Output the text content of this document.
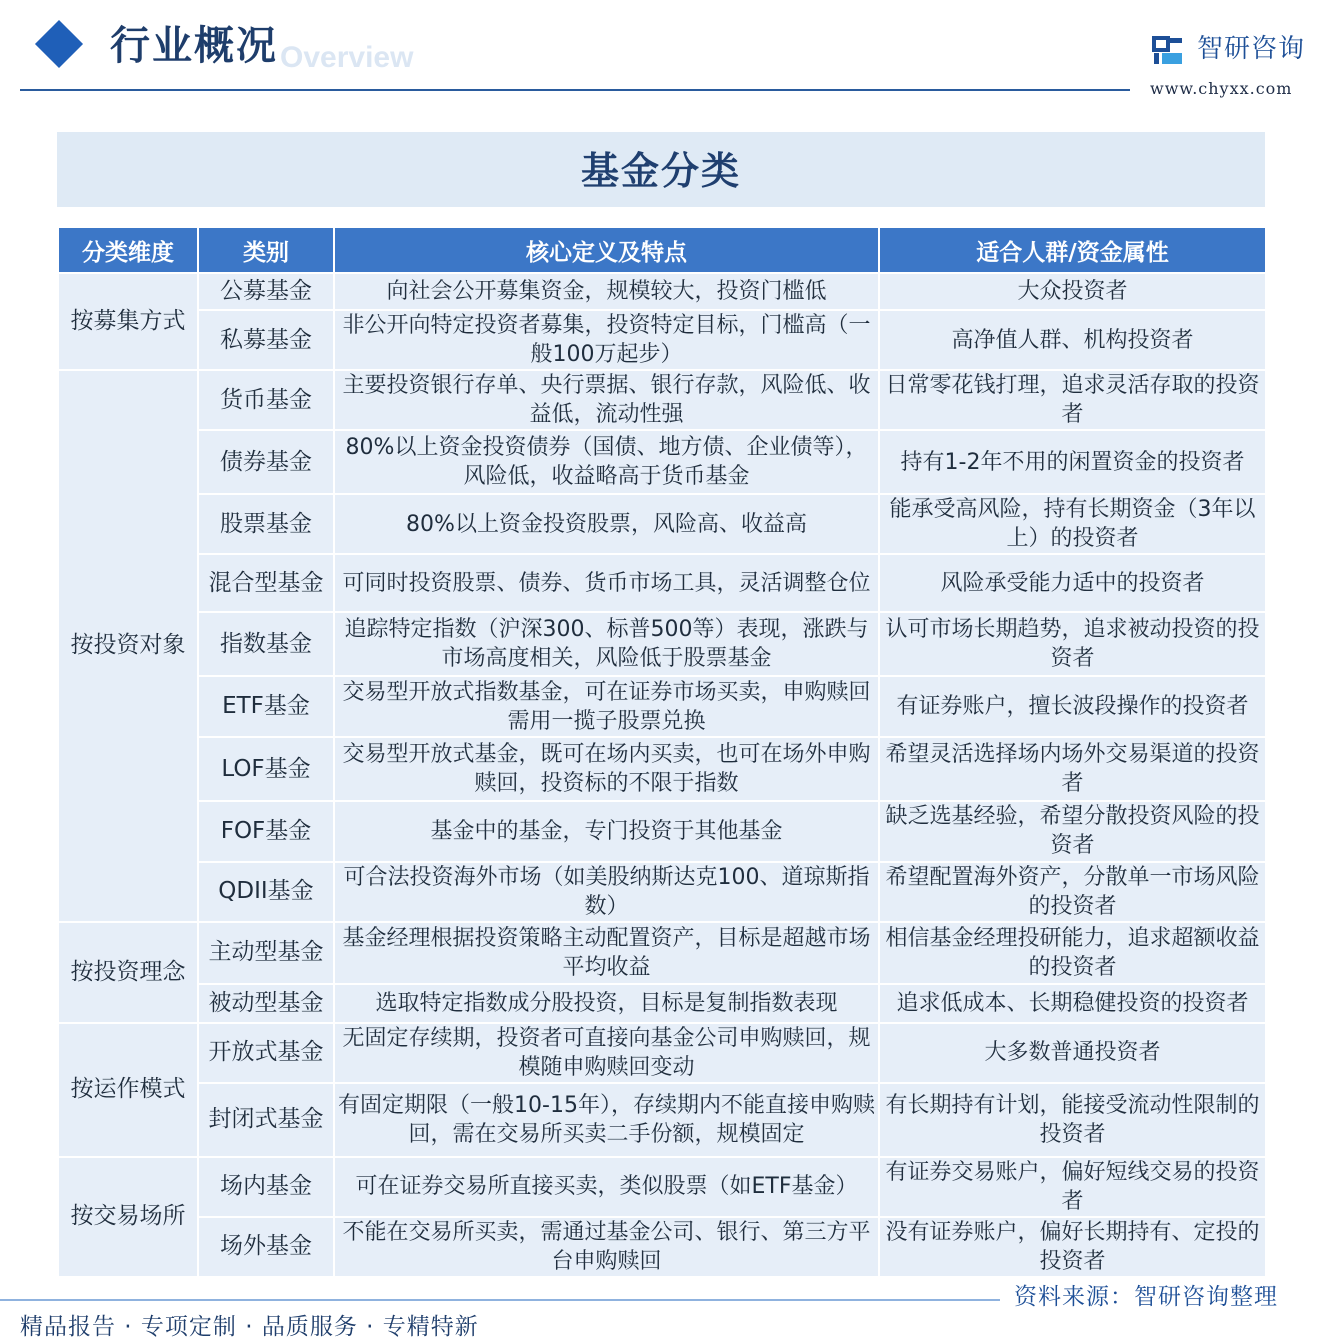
Overview
行业概况	智研咨询
www.chyxx.com
基金分类
分类维度	类别	核心定义及特点	适合人群/资金属性
按募集方式	公募基金	向社会公开募集资金，规模较大，投资门槛低	大众投资者
	私募基金	非公开向特定投资者募集，投资特定目标，门槛高（一般100万起步）	高净值人群、机构投资者
按投资对象	货币基金	主要投资银行存单、央行票据、银行存款，风险低、收益低，流动性强	日常零花钱打理，追求灵活存取的投资者
	债券基金	80%以上资金投资债券（国债、地方债、企业债等），风险低，收益略高于货币基金	持有1-2年不用的闲置资金的投资者
	股票基金	80%以上资金投资股票，风险高、收益高	能承受高风险，持有长期资金（3年以上）的投资者
	混合型基金	可同时投资股票、债券、货币市场工具，灵活调整仓位	风险承受能力适中的投资者
	指数基金	追踪特定指数（沪深300、标普500等）表现，涨跌与市场高度相关，风险低于股票基金	认可市场长期趋势，追求被动投资的投资者
	ETF基金	交易型开放式指数基金，可在证券市场买卖，申购赎回需用一揽子股票兑换	有证券账户，擅长波段操作的投资者
	LOF基金	交易型开放式基金，既可在场内买卖，也可在场外申购赎回，投资标的不限于指数	希望灵活选择场内场外交易渠道的投资者
	FOF基金	基金中的基金，专门投资于其他基金	缺乏选基经验，希望分散投资风险的投资者
	QDII基金	可合法投资海外市场（如美股纳斯达克100、道琼斯指数）	希望配置海外资产，分散单一市场风险的投资者
按投资理念	主动型基金	基金经理根据投资策略主动配置资产，目标是超越市场平均收益	相信基金经理投研能力，追求超额收益的投资者
	被动型基金	选取特定指数成分股投资，目标是复制指数表现	追求低成本、长期稳健投资的投资者
按运作模式	开放式基金	无固定存续期，投资者可直接向基金公司申购赎回，规模随申购赎回变动	大多数普通投资者
	封闭式基金	有固定期限（一般10-15年），存续期内不能直接申购赎回，需在交易所买卖二手份额，规模固定	有长期持有计划，能接受流动性限制的投资者
按交易场所	场内基金	可在证券交易所直接买卖，类似股票（如ETF基金）	有证券交易账户，偏好短线交易的投资者
	场外基金	不能在交易所买卖，需通过基金公司、银行、第三方平台申购赎回	没有证券账户，偏好长期持有、定投的投资者
资料来源：智研咨询整理
精品报告 · 专项定制 · 品质服务 · 专精特新
